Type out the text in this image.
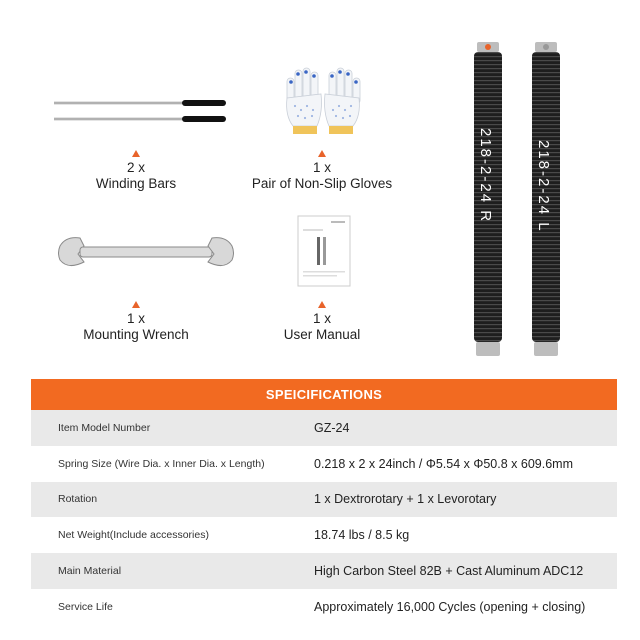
218-2-24 R	218-2-24 L
2 x
Winding Bars
1 x
Pair of Non-Slip Gloves
1 x
Mounting Wrench
1 x
User Manual
SPEICIFICATIONS
Item Model Number	GZ-24
Spring Size (Wire Dia. x Inner Dia. x Length)	0.218 x 2 x 24inch / Φ5.54 x Φ50.8 x 609.6mm
Rotation	1 x Dextrorotary + 1 x Levorotary
Net Weight(Include accessories)	18.74 lbs / 8.5 kg
Main Material	High Carbon Steel 82B + Cast Aluminum ADC12
Service Life	Approximately 16,000 Cycles (opening + closing)
